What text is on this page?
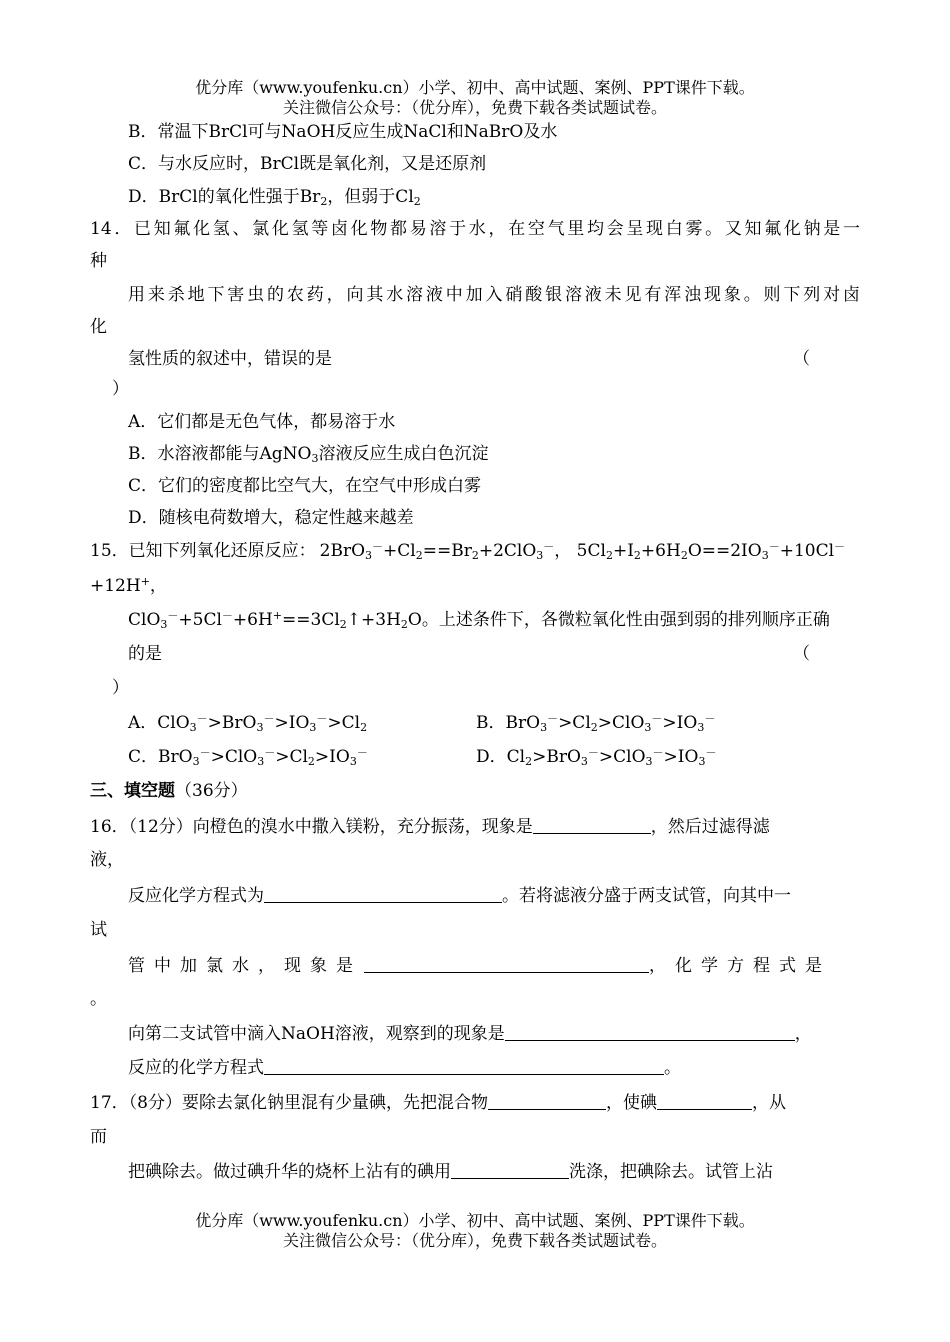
优分库（www.youfenku.cn）小学、初中、高中试题、案例、PPT课件下载。
关注微信公众号：（优分库），免费下载各类试题试卷。
B．常温下BrCl可与NaOH反应生成NaCl和NaBrO及水
C．与水反应时，BrCl既是氧化剂，又是还原剂
D．BrCl的氧化性强于$Br_2$，但弱于$Cl_2$
14．已知氟化氢、氯化氢等卤化物都易溶于水，在空气里均会呈现白雾。又知氟化钠是一
种
用来杀地下害虫的农药，向其水溶液中加入硝酸银溶液未见有浑浊现象。则下列对卤
化
氢性质的叙述中，错误的是	（
）
A．它们都是无色气体，都易溶于水
B．水溶液都能与AgNO$_3$溶液反应生成白色沉淀
C．它们的密度都比空气大，在空气中形成白雾
D．随核电荷数增大，稳定性越来越差
15．已知下列氧化还原反应： $2BrO_3^-+Cl_2==Br_2+2ClO_3^-$， $5Cl_2+I_2+6H_2O==2IO_3^-+10Cl^-$
+12H+，
$ClO_3^-+5Cl^-+6H^+==3Cl_2↑+3H_2O$。上述条件下，各微粒氧化性由强到弱的排列顺序正确
的是	（
）
A．$ClO_3^->BrO_3^->IO_3^->Cl_2$	B．$BrO_3^->Cl_2>ClO_3^->IO_3^-$
C．$BrO_3^->ClO_3^->Cl_2>IO_3^-$	D．$Cl_2>BrO_3^->ClO_3^->IO_3^-$
三、填空题（36分）
16．（12分）向橙色的溴水中撒入镁粉，充分振荡，现象是	，然后过滤得滤
液，
反应化学方程式为	。若将滤液分盛于两支试管，向其中一
试
管中加氯水，现象是	，化学方程式是
。
向第二支试管中滴入NaOH溶液，观察到的现象是	，
反应的化学方程式	。
17．（8分）要除去氯化钠里混有少量碘，先把混合物	，使碘	，从
而
把碘除去。做过碘升华的烧杯上沾有的碘用	洗涤，把碘除去。试管上沾
优分库（www.youfenku.cn）小学、初中、高中试题、案例、PPT课件下载。
关注微信公众号：（优分库），免费下载各类试题试卷。
